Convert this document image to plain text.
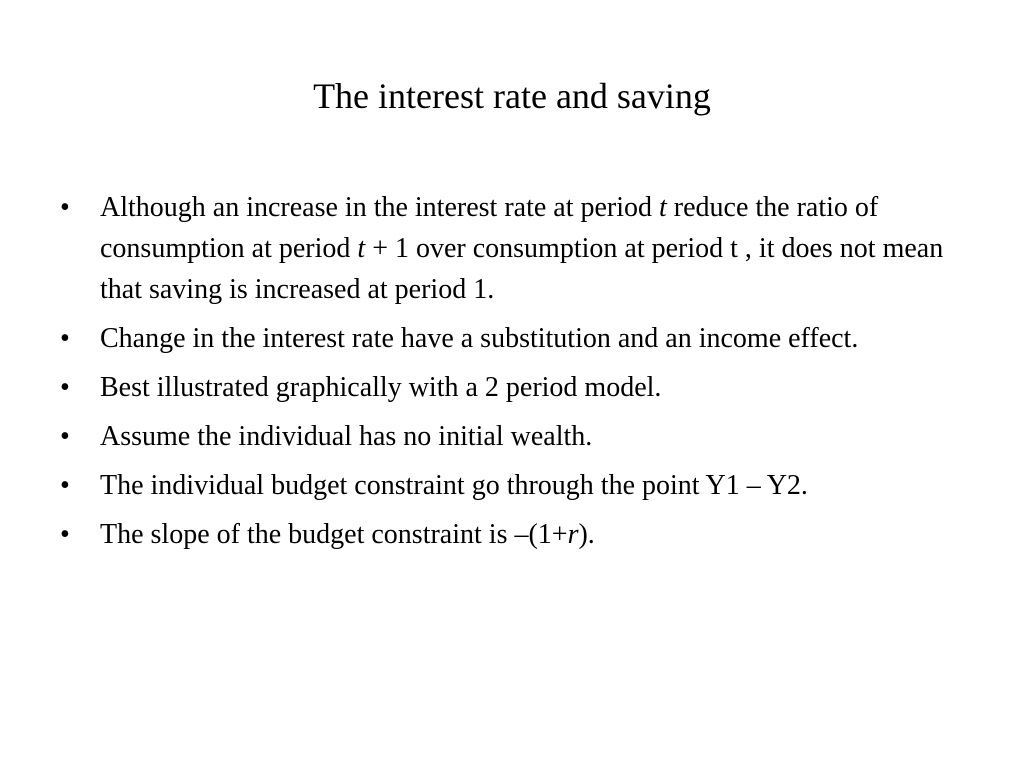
The interest rate and saving
•	Although an increase in the interest rate at period t reduce the ratio of consumption at period t + 1 over consumption at period t , it does not mean that saving is increased at period 1.
•	Change in the interest rate have a substitution and an income effect.
•	Best illustrated graphically with a 2 period model.
•	Assume the individual has no initial wealth.
•	The individual budget constraint go through the point Y1 – Y2.
•	The slope of the budget constraint is –(1+r).
